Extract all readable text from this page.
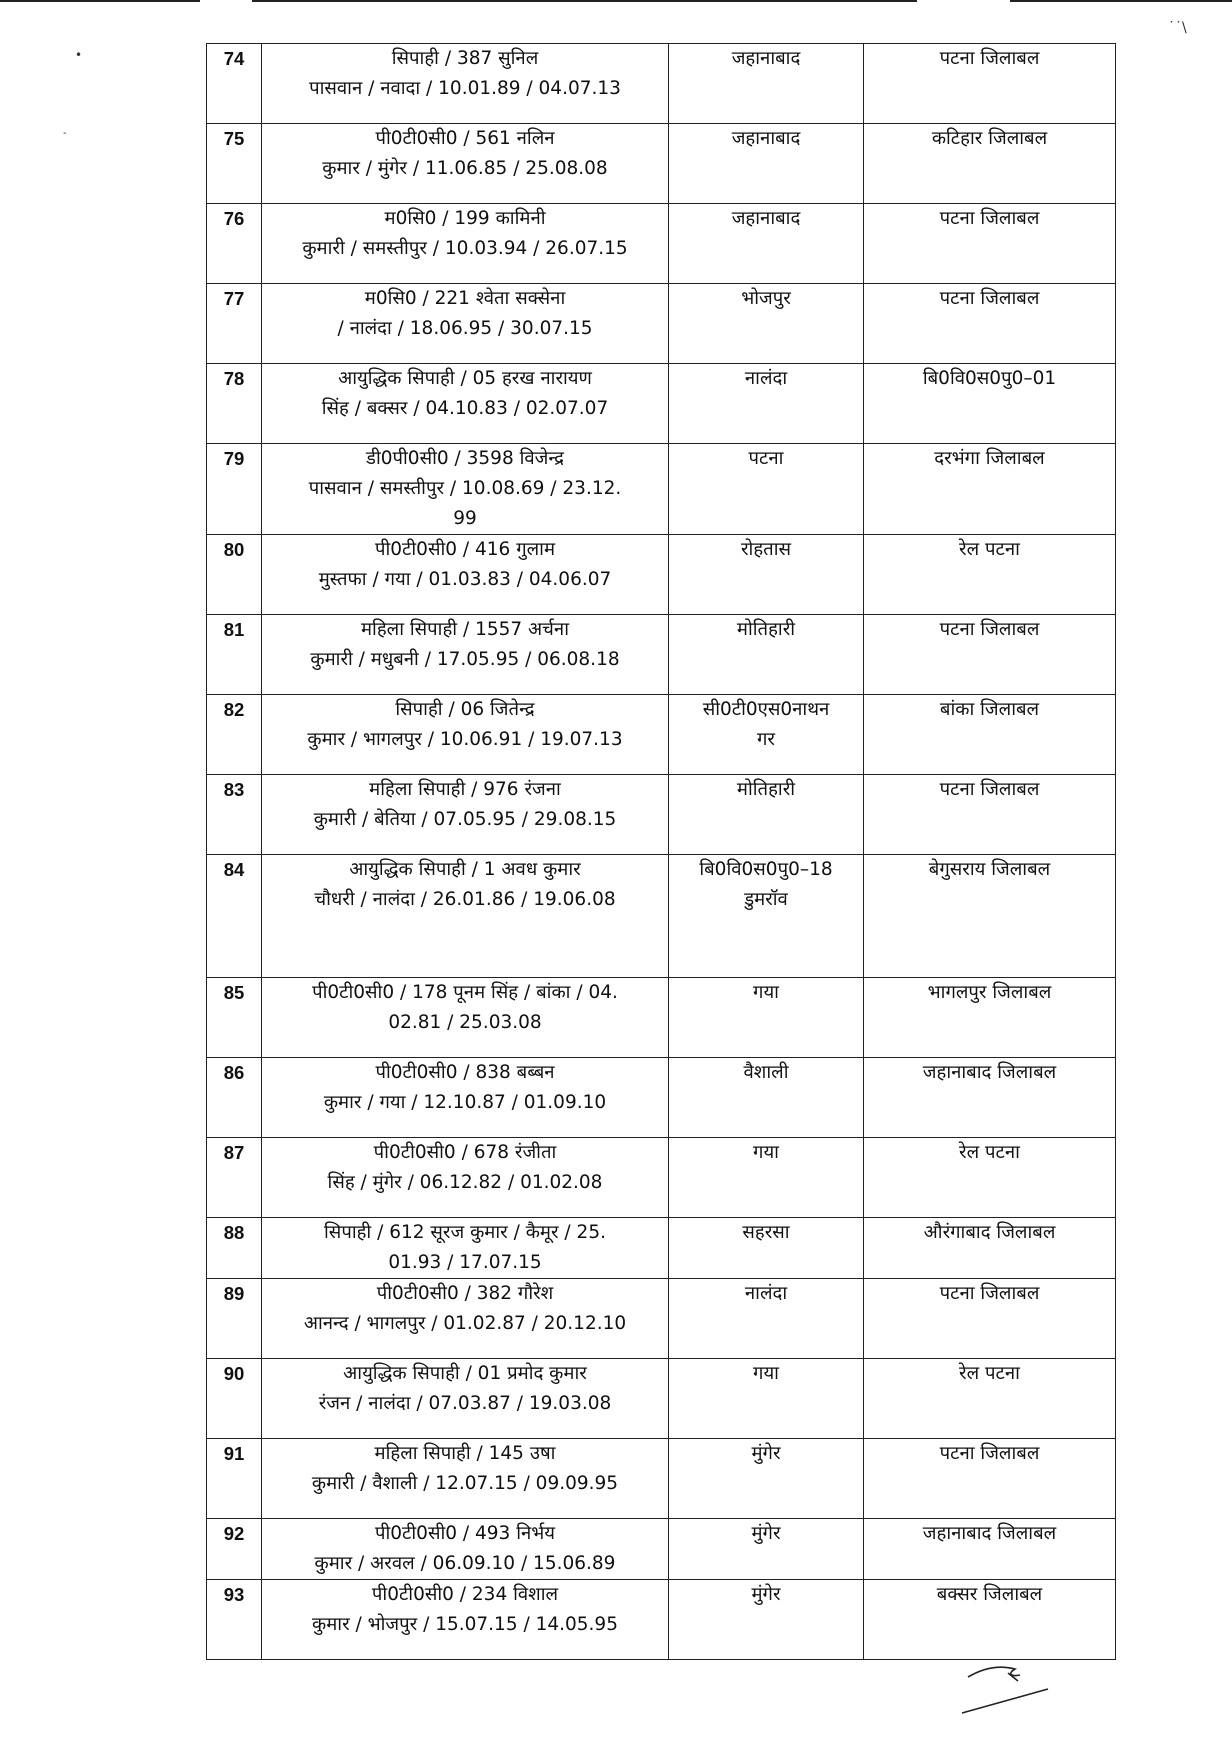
˙˙\
•
-
74	सिपाही / 387 सुनिल
पासवान / नवादा / 10.01.89 / 04.07.13	जहानाबाद	पटना जिलाबल
75	पी0टी0सी0 / 561 नलिन
कुमार / मुंगेर / 11.06.85 / 25.08.08	जहानाबाद	कटिहार जिलाबल
76	म0सि0 / 199 कामिनी
कुमारी / समस्तीपुर / 10.03.94 / 26.07.15	जहानाबाद	पटना जिलाबल
77	म0सि0 / 221 श्वेता सक्सेना
/ नालंदा / 18.06.95 / 30.07.15	भोजपुर	पटना जिलाबल
78	आयुद्धिक सिपाही / 05 हरख नारायण
सिंह / बक्सर / 04.10.83 / 02.07.07	नालंदा	बि0वि0स0पु0–01
79	डी0पी0सी0 / 3598 विजेन्द्र
पासवान / समस्तीपुर / 10.08.69 / 23.12.
99	पटना	दरभंगा जिलाबल
80	पी0टी0सी0 / 416 गुलाम
मुस्तफा / गया / 01.03.83 / 04.06.07	रोहतास	रेल पटना
81	महिला सिपाही / 1557 अर्चना
कुमारी / मधुबनी / 17.05.95 / 06.08.18	मोतिहारी	पटना जिलाबल
82	सिपाही / 06 जितेन्द्र
कुमार / भागलपुर / 10.06.91 / 19.07.13	सी0टी0एस0नाथन गर	बांका जिलाबल
83	महिला सिपाही / 976 रंजना
कुमारी / बेतिया / 07.05.95 / 29.08.15	मोतिहारी	पटना जिलाबल
84	आयुद्धिक सिपाही / 1 अवध कुमार
चौधरी / नालंदा / 26.01.86 / 19.06.08	बि0वि0स0पु0–18 डुमरॉव	बेगुसराय जिलाबल
85	पी0टी0सी0 / 178 पूनम सिंह / बांका / 04.
02.81 / 25.03.08	गया	भागलपुर जिलाबल
86	पी0टी0सी0 / 838 बब्बन
कुमार / गया / 12.10.87 / 01.09.10	वैशाली	जहानाबाद जिलाबल
87	पी0टी0सी0 / 678 रंजीता
सिंह / मुंगेर / 06.12.82 / 01.02.08	गया	रेल पटना
88	सिपाही / 612 सूरज कुमार / कैमूर / 25.
01.93 / 17.07.15	सहरसा	औरंगाबाद जिलाबल
89	पी0टी0सी0 / 382 गौरेश
आनन्द / भागलपुर / 01.02.87 / 20.12.10	नालंदा	पटना जिलाबल
90	आयुद्धिक सिपाही / 01 प्रमोद कुमार
रंजन / नालंदा / 07.03.87 / 19.03.08	गया	रेल पटना
91	महिला सिपाही / 145 उषा
कुमारी / वैशाली / 12.07.15 / 09.09.95	मुंगेर	पटना जिलाबल
92	पी0टी0सी0 / 493 निर्भय
कुमार / अरवल / 06.09.10 / 15.06.89	मुंगेर	जहानाबाद जिलाबल
93	पी0टी0सी0 / 234 विशाल
कुमार / भोजपुर / 15.07.15 / 14.05.95	मुंगेर	बक्सर जिलाबल
